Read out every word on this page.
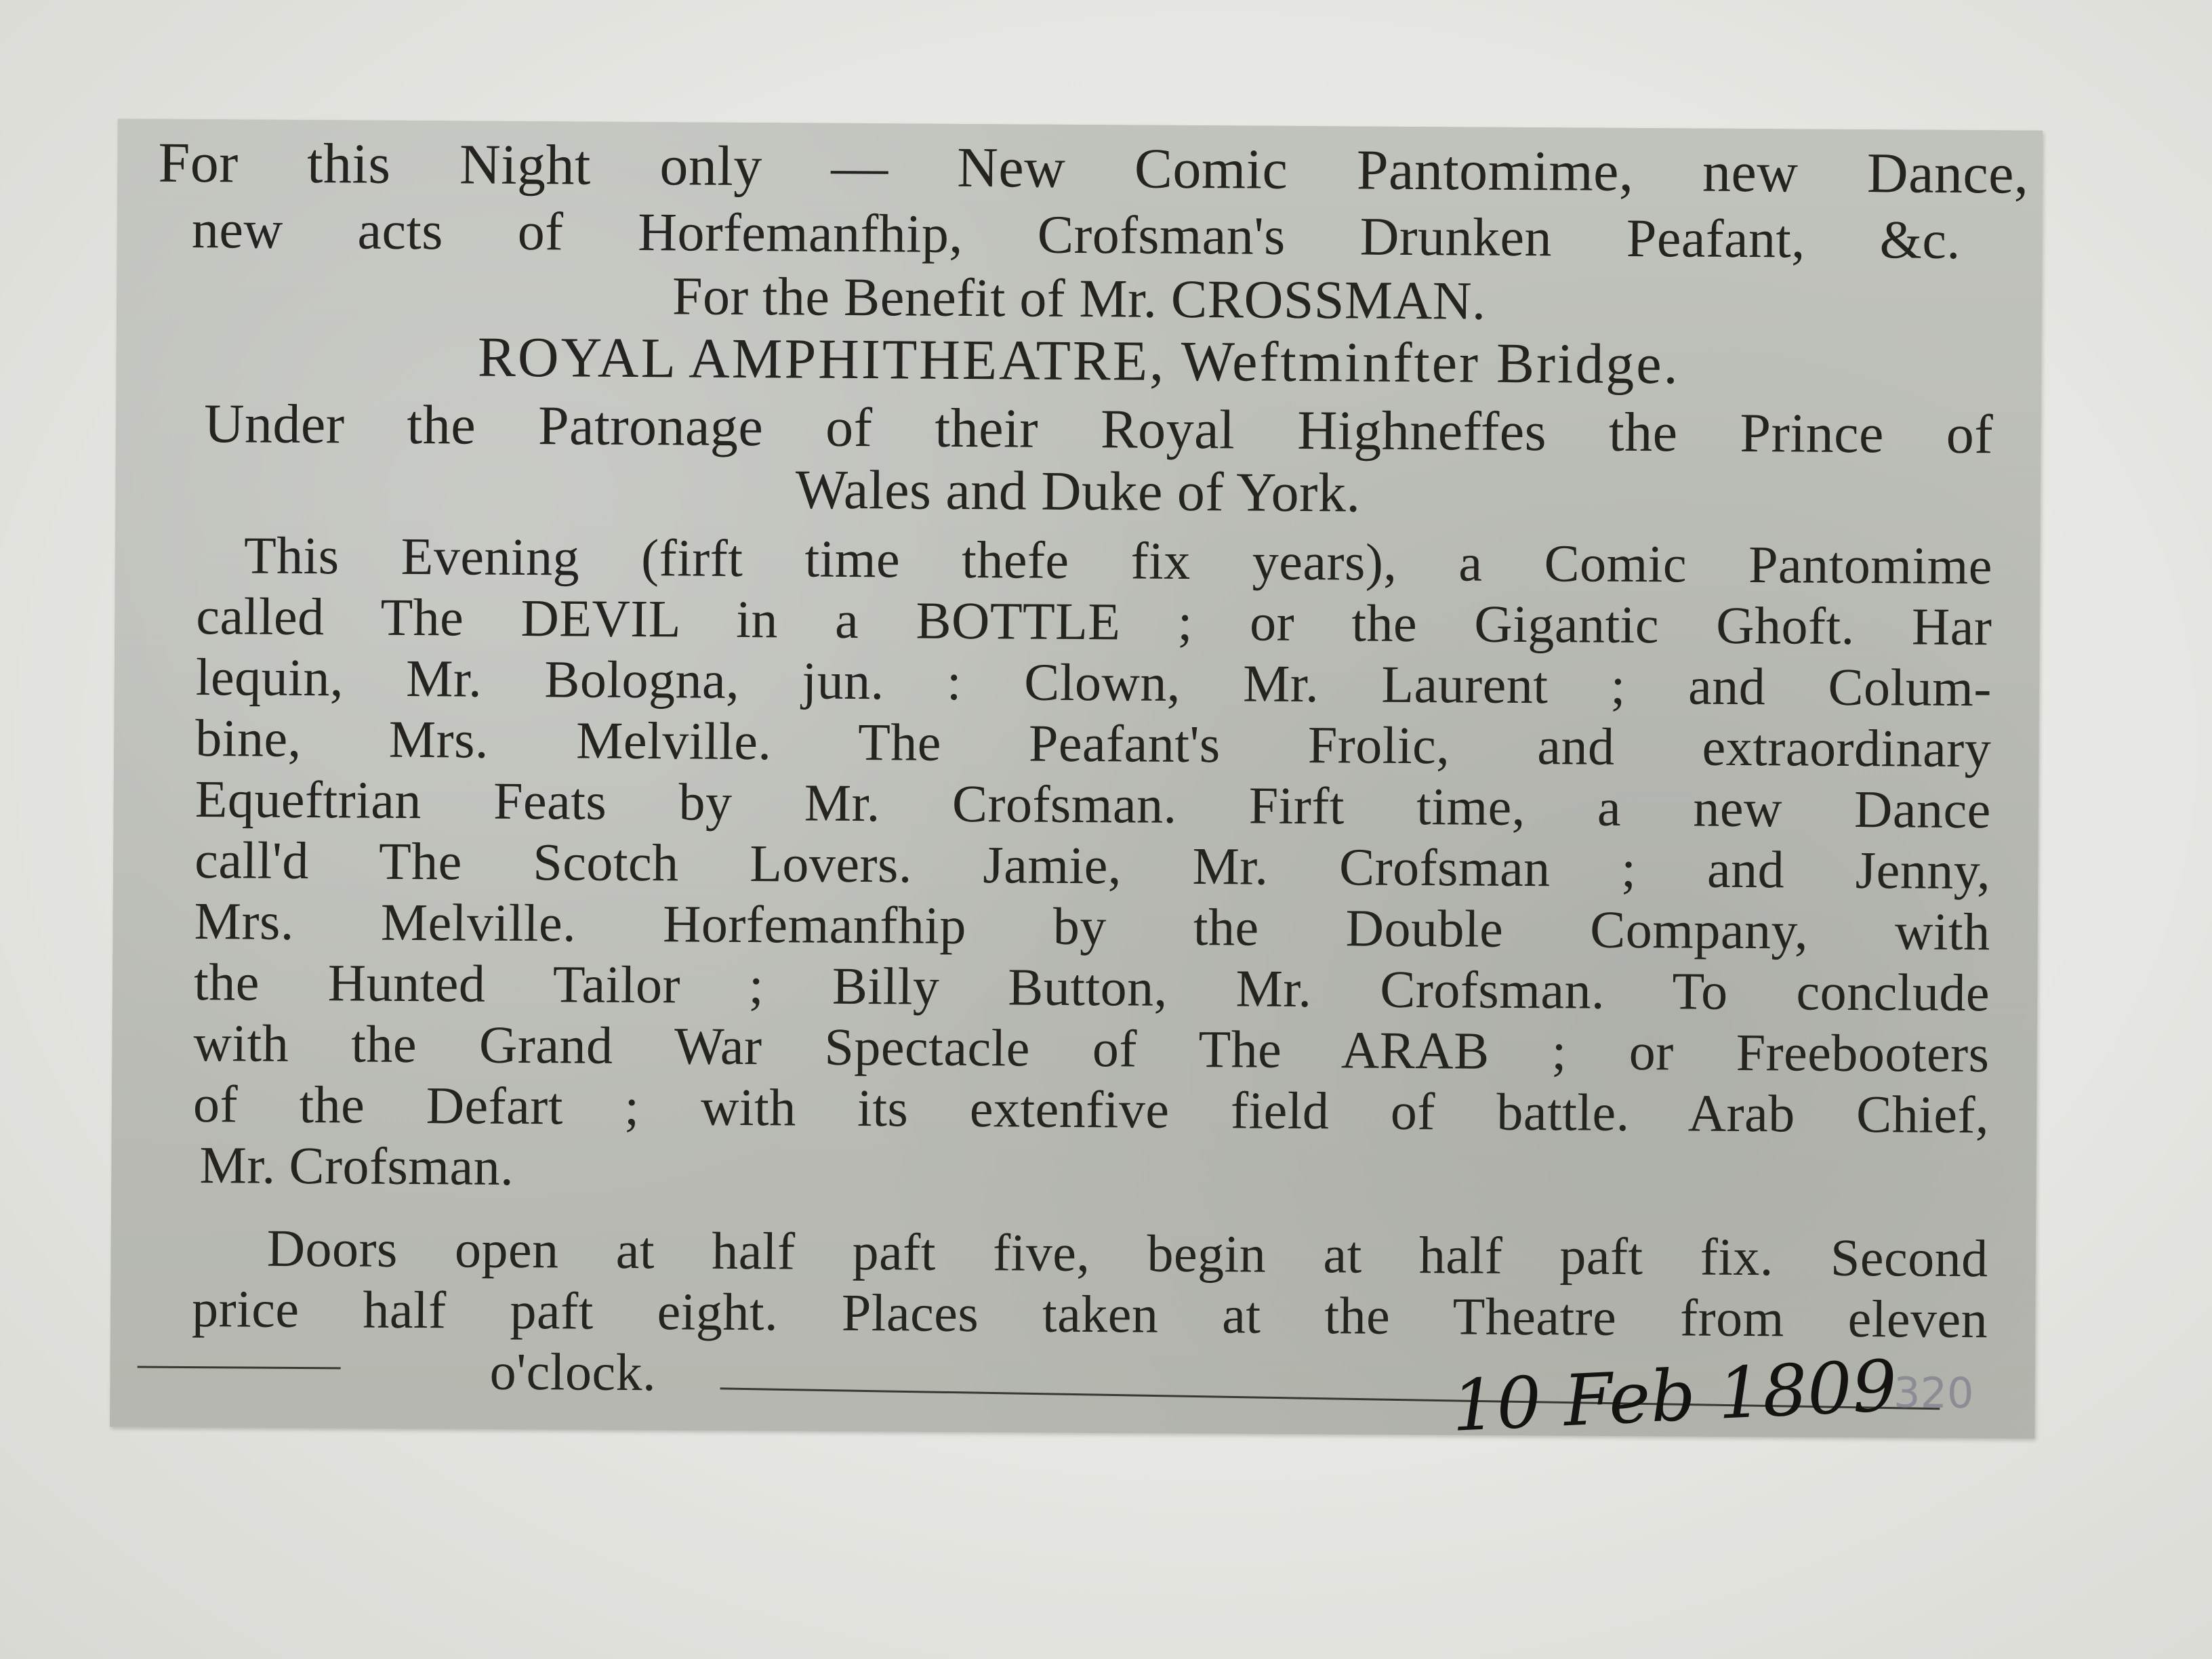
For this Night only — New Comic Pantomime, new Dance,
new acts of Horfemanfhip, Crofsman's Drunken Peafant, &c.
For the Benefit of Mr. CROSSMAN.
ROYAL AMPHITHEATRE, Weftminfter Bridge.
Under the Patronage of their Royal Highneffes the Prince of
Wales and Duke of York.
This Evening (firft time thefe fix years), a Comic Pantomime
called The DEVIL in a BOTTLE ; or the Gigantic Ghoft. Har
lequin, Mr. Bologna, jun. : Clown, Mr. Laurent ; and Colum-
bine, Mrs. Melville. The Peafant's Frolic, and extraordinary
Equeftrian Feats by Mr. Crofsman. Firft time, a new Dance
call'd The Scotch Lovers. Jamie, Mr. Crofsman ; and Jenny,
Mrs. Melville. Horfemanfhip by the Double Company, with
the Hunted Tailor ; Billy Button, Mr. Crofsman. To conclude
with the Grand War Spectacle of The ARAB ; or Freebooters
of the Defart ; with its extenfive field of battle. Arab Chief,
Mr. Crofsman.
Doors open at half paft five, begin at half paft fix. Second
price half paft eight. Places taken at the Theatre from eleven
o'clock.	320
10 Feb 1809
